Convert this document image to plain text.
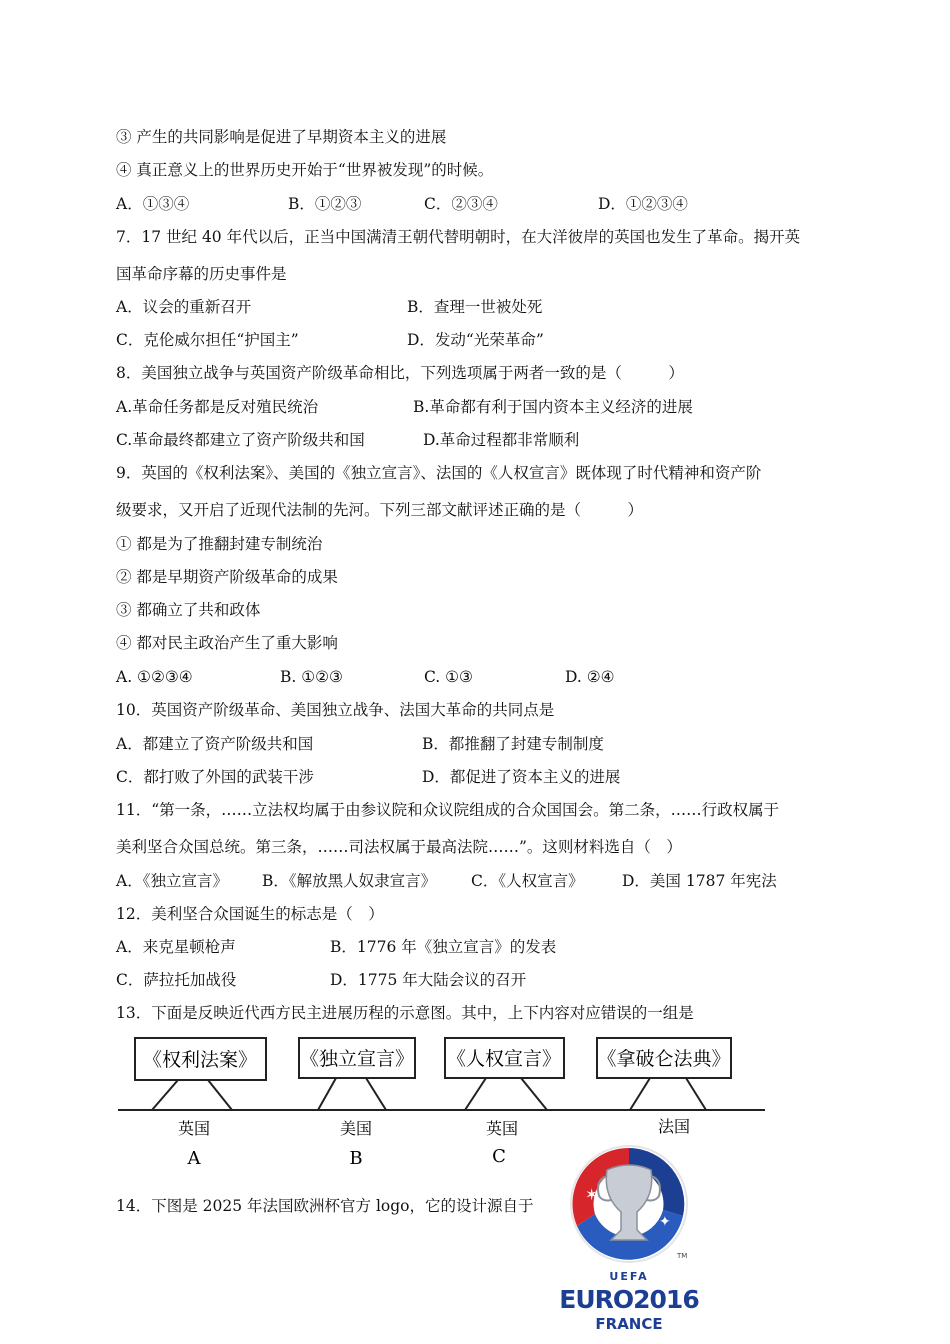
③ 产生的共同影响是促进了早期资本主义的进展
④ 真正意义上的世界历史开始于“世界被发现”的时候。
A．①③④	B．①②③	C．②③④	D．①②③④
7．17 世纪 40 年代以后，正当中国满清王朝代替明朝时，在大洋彼岸的英国也发生了革命。揭开英
国革命序幕的历史事件是
A．议会的重新召开	B．查理一世被处死
C．克伦威尔担任“护国主”	D．发动“光荣革命”
8．美国独立战争与英国资产阶级革命相比，下列选项属于两者一致的是（　　　）
A.革命任务都是反对殖民统治	B.革命都有利于国内资本主义经济的进展
C.革命最终都建立了资产阶级共和国	D.革命过程都非常顺利
9．英国的《权利法案》、美国的《独立宣言》、法国的《人权宣言》既体现了时代精神和资产阶
级要求，又开启了近现代法制的先河。下列三部文献评述正确的是（　　　）
① 都是为了推翻封建专制统治
② 都是早期资产阶级革命的成果
③ 都确立了共和政体
④ 都对民主政治产生了重大影响
A. ①②③④	B. ①②③	C. ①③	D. ②④
10．英国资产阶级革命、美国独立战争、法国大革命的共同点是
A．都建立了资产阶级共和国	B．都推翻了封建专制制度
C．都打败了外国的武装干涉	D．都促进了资本主义的进展
11．“第一条，……立法权均属于由参议院和众议院组成的合众国国会。第二条，……行政权属于
美利坚合众国总统。第三条，……司法权属于最高法院……”。这则材料选自（　）
A．《独立宣言》 B．《解放黑人奴隶宣言》 C．《人权宣言》 D．美国 1787 年宪法
12．美利坚合众国诞生的标志是（　）
A．来克星顿枪声	B．1776 年《独立宣言》的发表
C．萨拉托加战役	D．1775 年大陆会议的召开
13．下面是反映近代西方民主进展历程的示意图。其中，上下内容对应错误的一组是
《权利法案》 《独立宣言》 《人权宣言》 《拿破仑法典》
英国	美国	英国	法国
A	B	C
14．下图是 2025 年法国欧洲杯官方 logo，它的设计源自于
✶
✦
TM
UEFA
EURO2016
FRANCE
